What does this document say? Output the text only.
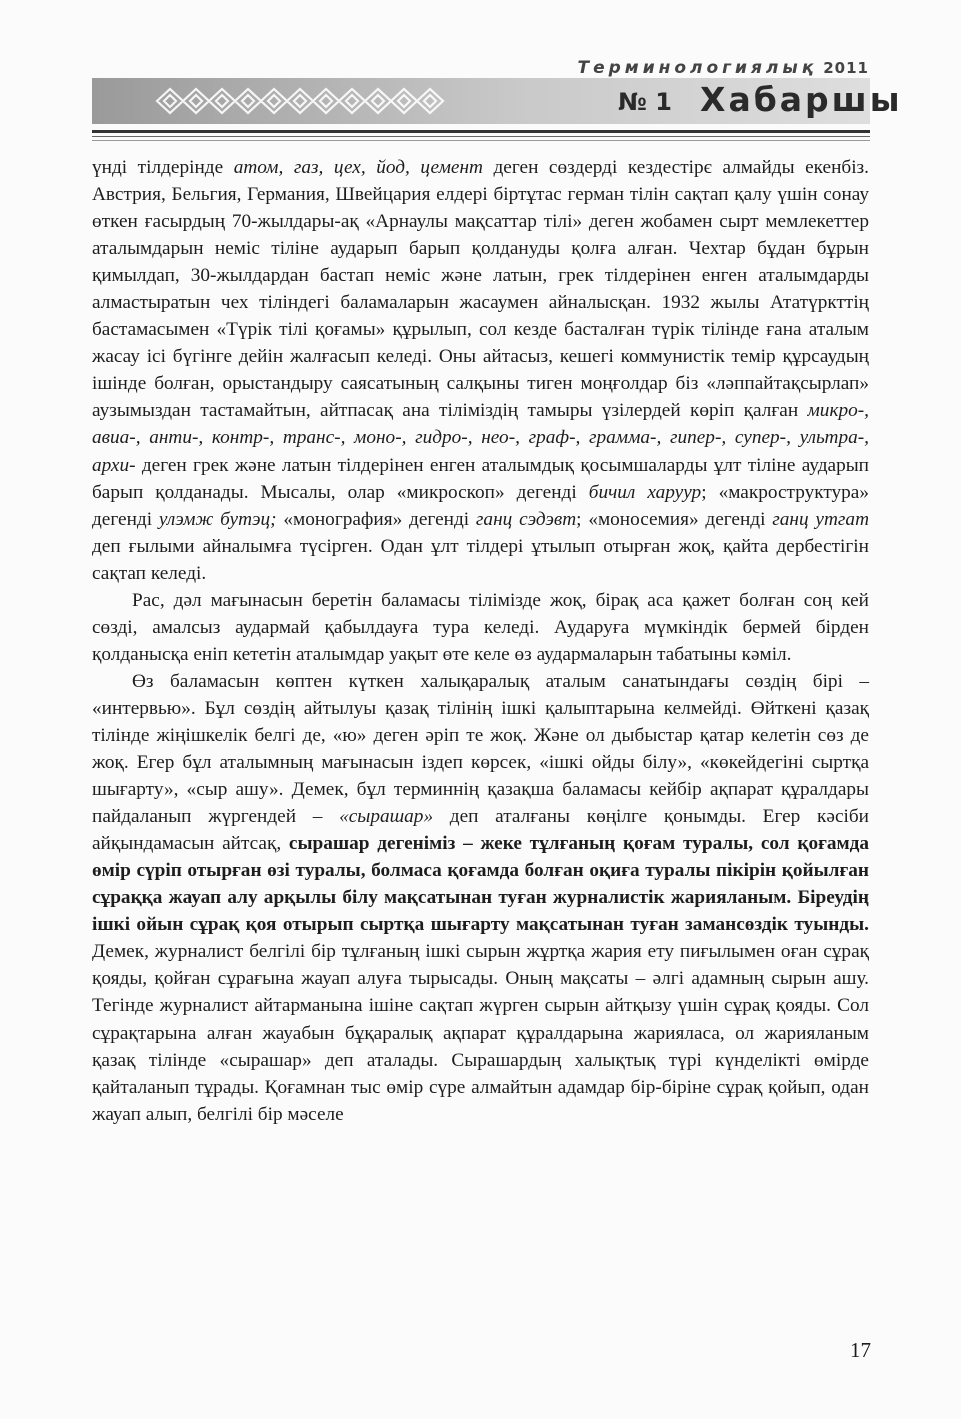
Терминологиялық 2011
№ 1 Хабаршы

үнді тілдерінде атом, газ, цех, йод, цемент деген сөздерді кездестірє алмайды екенбіз. Австрия, Бельгия, Германия, Швейцария елдері біртұтас герман тілін сақтап қалу үшін сонау өткен ғасырдың 70-жылдары-ақ «Арнаулы мақсаттар тілі» деген жобамен сырт мемлекеттер аталымдарын неміс тіліне аударып барып қолдануды қолға алған. Чехтар бұдан бұрын қимылдап, 30-жылдардан бастап неміс және латын, грек тілдерінен енген аталымдарды алмастыратын чех тіліндегі баламаларын жасаумен айналысқан. 1932 жылы Ататүркттің бастамасымен «Түрік тілі қоғамы» құрылып, сол кезде басталған түрік тілінде ғана аталым жасау ісі бүгінге дейін жалғасып келеді. Оны айтасыз, кешегі коммунистік темір құрсаудың ішінде болған, орыстандыру саясатының салқыны тиген моңғолдар біз «ләппайтақсырлап» аузымыздан тастамайтын, айтпасақ ана тіліміздің тамыры үзілердей көріп қалған микро-, авиа-, анти-, контр-, транс-, моно-, гидро-, нео-, граф-, грамма-, гипер-, супер-, ультра-, архи- деген грек және латын тілдерінен енген аталымдық қосымшаларды ұлт тіліне аударып барып қолданады. Мысалы, олар «микроскоп» дегенді бичил харуур; «макроструктура» дегенді улэмж бутэц; «монография» дегенді ганц сэдэвт; «моносемия» дегенді ганц утгат деп ғылыми айналымға түсірген. Одан ұлт тілдері ұтылып отырған жоқ, қайта дербестігін сақтап келеді.

Рас, дәл мағынасын беретін баламасы тілімізде жоқ, бірақ аса қажет болған соң кей сөзді, амалсыз аудармай қабылдауға тура келеді. Аударуға мүмкіндік бермей бірден қолданысқа еніп кететін аталымдар уақыт өте келе өз аудармаларын табатыны кәміл.

Өз баламасын көптен күткен халықаралық аталым санатындағы сөздің бірі – «интервью». Бұл сөздің айтылуы қазақ тілінің ішкі қалыптарына келмейді. Өйткені қазақ тілінде жіңішкелік белгі де, «ю» деген әріп те жоқ. Және ол дыбыстар қатар келетін сөз де жоқ. Егер бұл аталымның мағынасын іздеп көрсек, «ішкі ойды білу», «көкейдегіні сыртқа шығарту», «сыр ашу». Демек, бұл терминнің қазақша баламасы кейбір ақпарат құралдары пайдаланып жүргендей – «сырашар» деп аталғаны көңілге қонымды. Егер кәсіби айқындамасын айтсақ, сырашар дегеніміз – жеке тұлғаның қоғам туралы, сол қоғамда өмір сүріп отырған өзі туралы, болмаса қоғамда болған оқиға туралы пікірін қойылған сұраққа жауап алу арқылы білу мақсатынан туған журналистік жарияланым. Біреудің ішкі ойын сұрақ қоя отырып сыртқа шығарту мақсатынан туған замансөздік туынды. Демек, журналист белгілі бір тұлғаның ішкі сырын жұртқа жария ету пиғылымен оған сұрақ қояды, қойған сұрағына жауап алуға тырысады. Оның мақсаты – әлгі адамның сырын ашу. Тегінде журналист айтарманына ішіне сақтап жүрген сырын айтқызу үшін сұрақ қояды. Сол сұрақтарына алған жауабын бұқаралық ақпарат құралдарына жарияласа, ол жарияланым қазақ тілінде «сырашар» деп аталады. Сырашардың халықтық түрі күнделікті өмірде қайталанып тұрады. Қоғамнан тыс өмір сүре алмайтын адамдар бір-біріне сұрақ қойып, одан жауап алып, белгілі бір мәселе

17
